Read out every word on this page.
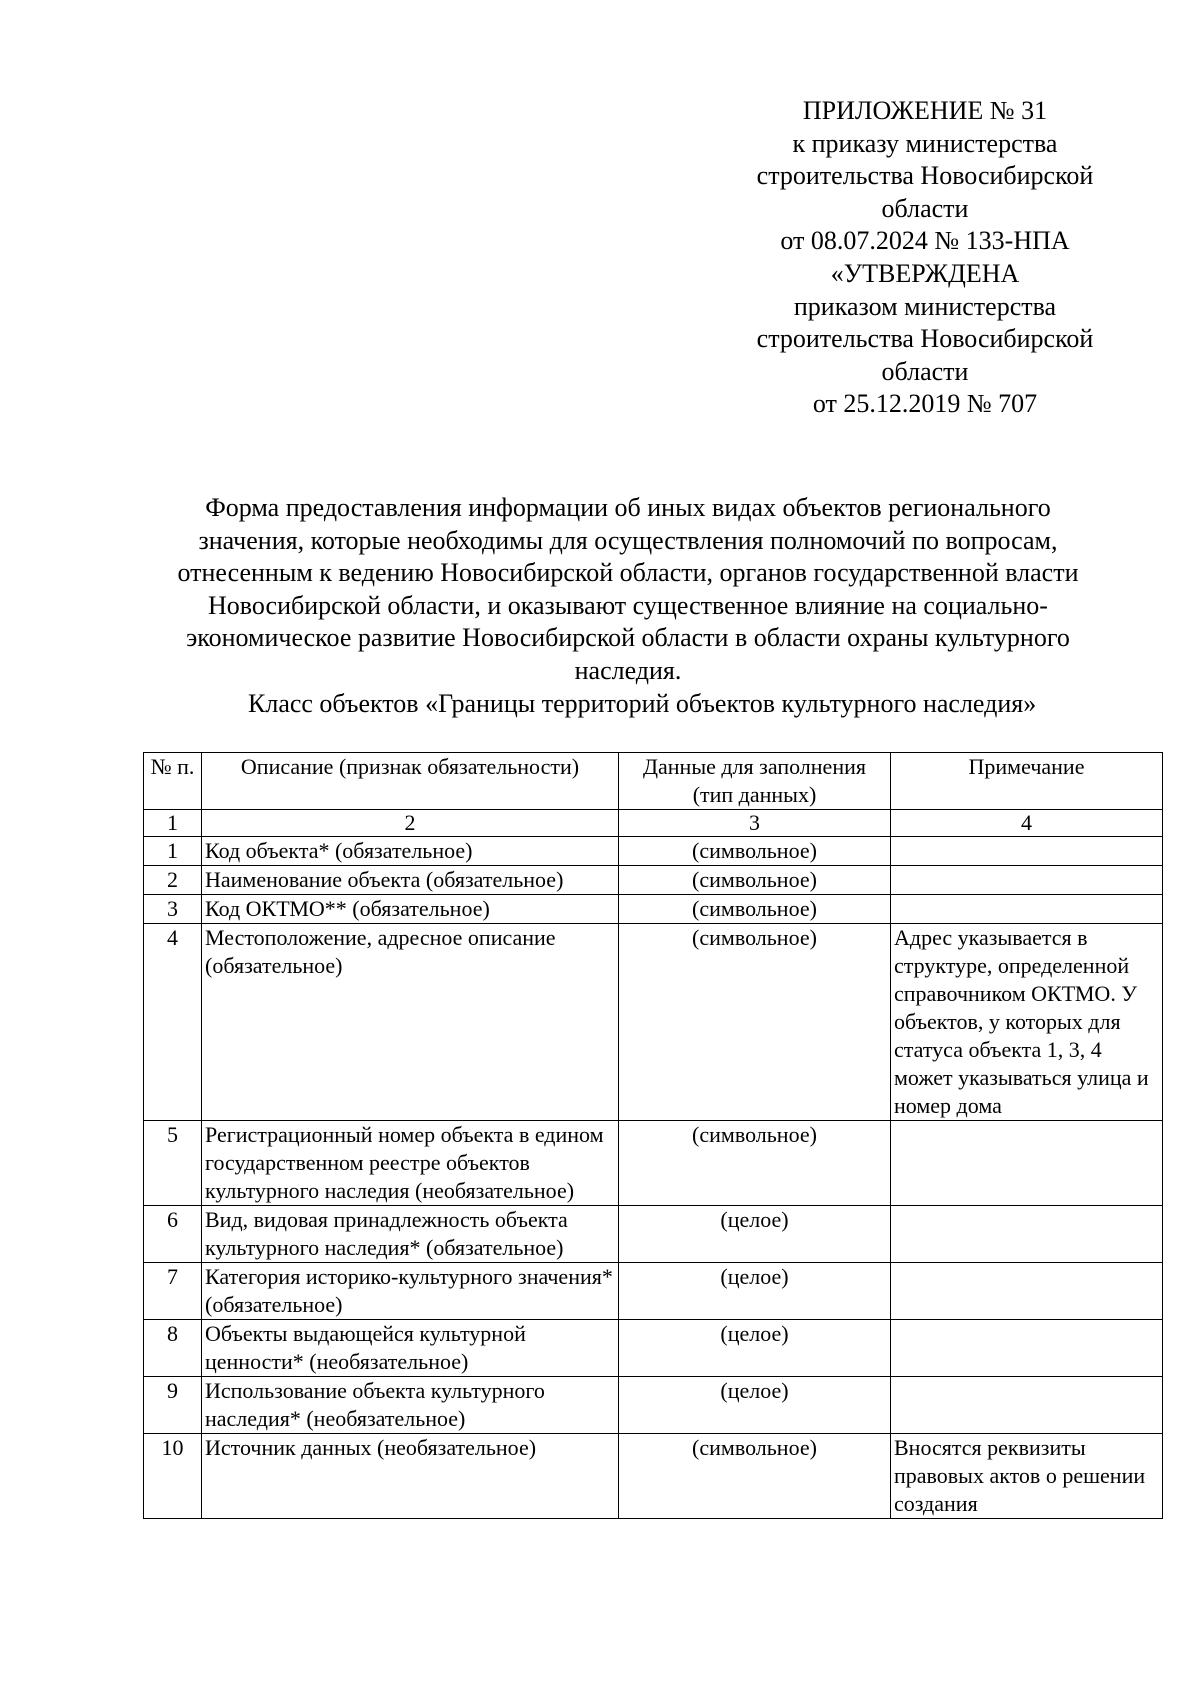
ПРИЛОЖЕНИЕ № 31
к приказу министерства
строительства Новосибирской
области
от 08.07.2024 № 133-НПА
«УТВЕРЖДЕНА
приказом министерства
строительства Новосибирской
области
от 25.12.2019 № 707
Форма предоставления информации об иных видах объектов регионального
значения, которые необходимы для осуществления полномочий по вопросам,
отнесенным к ведению Новосибирской области, органов государственной власти
Новосибирской области, и оказывают существенное влияние на социально-
экономическое развитие Новосибирской области в области охраны культурного
наследия.
Класс объектов «Границы территорий объектов культурного наследия»
№ п.	Описание (признак обязательности)	Данные для заполнения (тип данных)	Примечание
1	2	3	4
1	Код объекта* (обязательное)	(символьное)	
2	Наименование объекта (обязательное)	(символьное)	
3	Код ОКТМО** (обязательное)	(символьное)	
4	Местоположение, адресное описание (обязательное)	(символьное)	Адрес указывается в структуре, определенной справочником ОКТМО. У объектов, у которых для статуса объекта 1, 3, 4 может указываться улица и номер дома
5	Регистрационный номер объекта в едином государственном реестре объектов культурного наследия (необязательное)	(символьное)	
6	Вид, видовая принадлежность объекта культурного наследия* (обязательное)	(целое)	
7	Категория историко-культурного значения* (обязательное)	(целое)	
8	Объекты выдающейся культурной ценности* (необязательное)	(целое)	
9	Использование объекта культурного наследия* (необязательное)	(целое)	
10	Источник данных (необязательное)	(символьное)	Вносятся реквизиты правовых актов о решении создания
